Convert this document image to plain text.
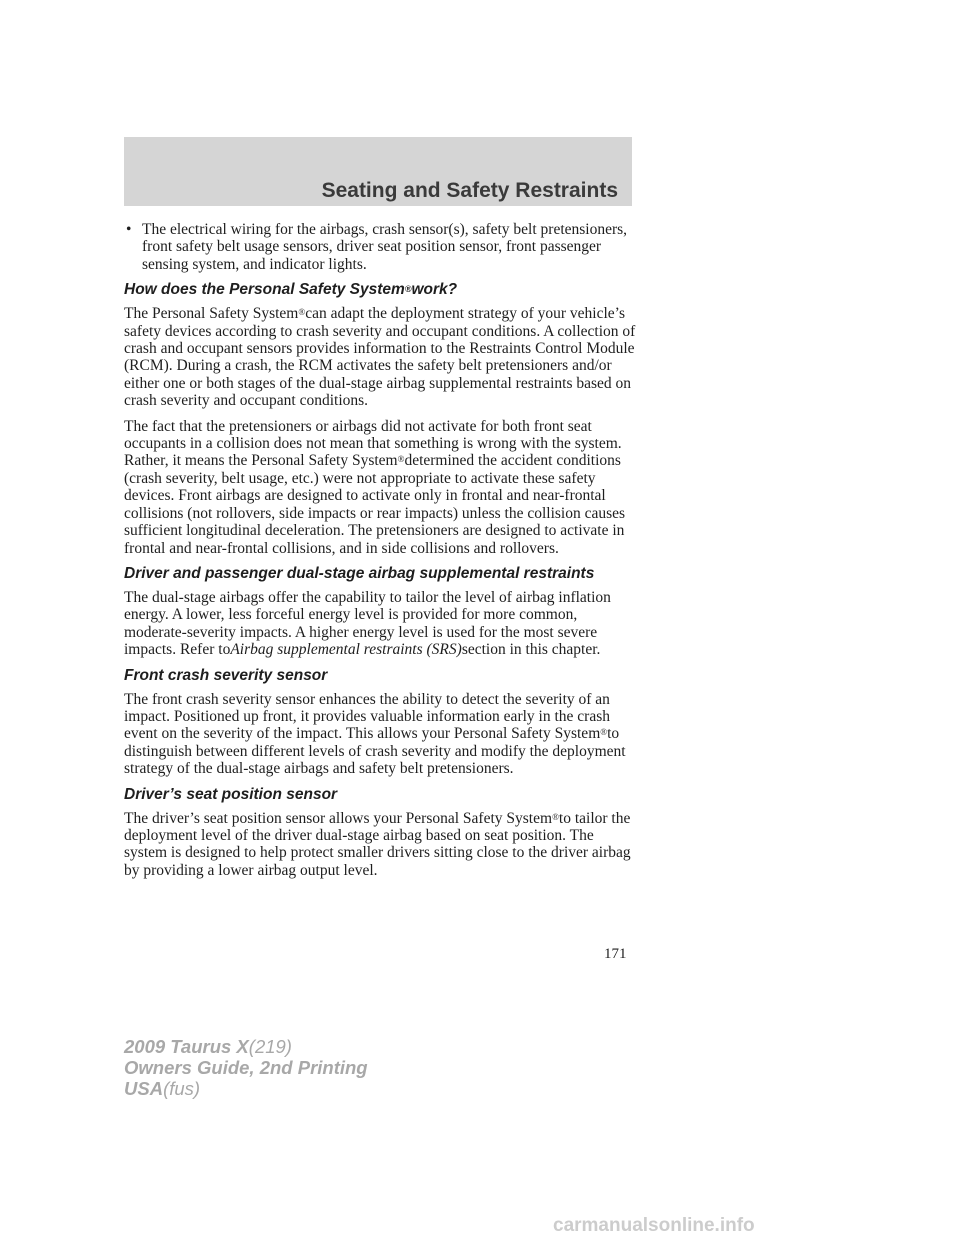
Seating and Safety Restraints
• The electrical wiring for the airbags, crash sensor(s), safety belt pretensioners, front safety belt usage sensors, driver seat position sensor, front passenger sensing system, and indicator lights.
How does the Personal Safety System®work?

The Personal Safety System®can adapt the deployment strategy of your vehicle’s safety devices according to crash severity and occupant conditions. A collection of crash and occupant sensors provides information to the Restraints Control Module (RCM). During a crash, the RCM activates the safety belt pretensioners and/or either one or both stages of the dual-stage airbag supplemental restraints based on crash severity and occupant conditions.

The fact that the pretensioners or airbags did not activate for both front seat occupants in a collision does not mean that something is wrong with the system. Rather, it means the Personal Safety System®determined the accident conditions (crash severity, belt usage, etc.) were not appropriate to activate these safety devices. Front airbags are designed to activate only in frontal and near-frontal collisions (not rollovers, side impacts or rear impacts) unless the collision causes sufficient longitudinal deceleration. The pretensioners are designed to activate in frontal and near-frontal collisions, and in side collisions and rollovers.

Driver and passenger dual-stage airbag supplemental restraints

The dual-stage airbags offer the capability to tailor the level of airbag inflation energy. A lower, less forceful energy level is provided for more common, moderate-severity impacts. A higher energy level is used for the most severe impacts. Refer toAirbag supplemental restraints (SRS)section in this chapter.

Front crash severity sensor

The front crash severity sensor enhances the ability to detect the severity of an impact. Positioned up front, it provides valuable information early in the crash event on the severity of the impact. This allows your Personal Safety System®to distinguish between different levels of crash severity and modify the deployment strategy of the dual-stage airbags and safety belt pretensioners.

Driver’s seat position sensor

The driver’s seat position sensor allows your Personal Safety System®to tailor the deployment level of the driver dual-stage airbag based on seat position. The system is designed to help protect smaller drivers sitting close to the driver airbag by providing a lower airbag output level.

171
2009 Taurus X(219)
Owners Guide, 2nd Printing
USA(fus)
carmanualsonline.info
